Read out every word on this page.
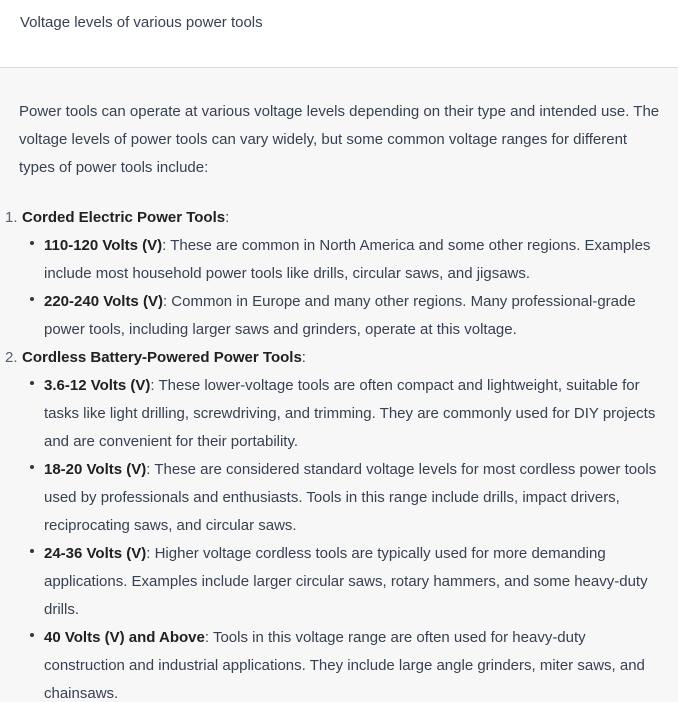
Voltage levels of various power tools

Power tools can operate at various voltage levels depending on their type and intended use. The voltage levels of power tools can vary widely, but some common voltage ranges for different types of power tools include:

1. Corded Electric Power Tools:
110-120 Volts (V): These are common in North America and some other regions. Examples include most household power tools like drills, circular saws, and jigsaws.
220-240 Volts (V): Common in Europe and many other regions. Many professional-grade power tools, including larger saws and grinders, operate at this voltage.
2. Cordless Battery-Powered Power Tools:
3.6-12 Volts (V): These lower-voltage tools are often compact and lightweight, suitable for tasks like light drilling, screwdriving, and trimming. They are commonly used for DIY projects and are convenient for their portability.
18-20 Volts (V): These are considered standard voltage levels for most cordless power tools used by professionals and enthusiasts. Tools in this range include drills, impact drivers, reciprocating saws, and circular saws.
24-36 Volts (V): Higher voltage cordless tools are typically used for more demanding applications. Examples include larger circular saws, rotary hammers, and some heavy-duty drills.
40 Volts (V) and Above: Tools in this voltage range are often used for heavy-duty construction and industrial applications. They include large angle grinders, miter saws, and chainsaws.
